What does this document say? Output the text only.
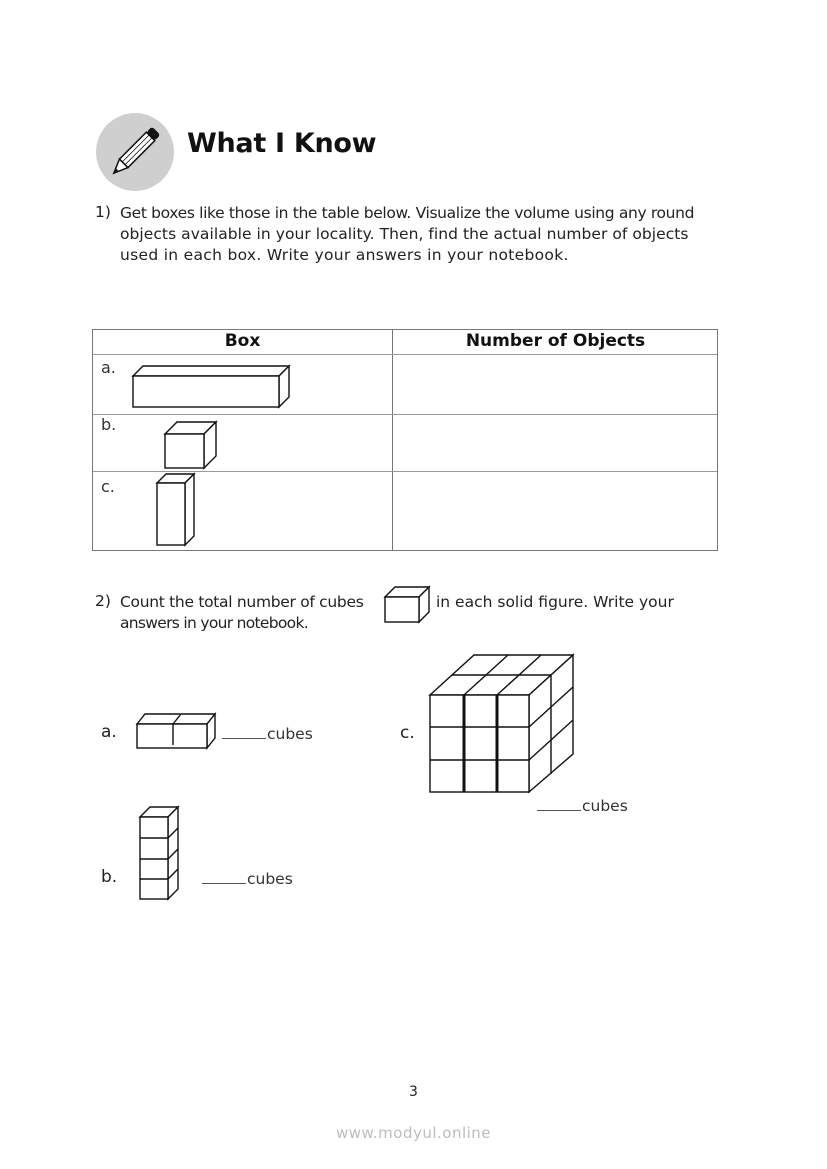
What I Know
1) Get boxes like those in the table below. Visualize the volume using any round
objects available in your locality. Then, find the actual number of objects
used in each box. Write your answers in your notebook.
Box	Number of Objects
a.
b.
c.
2) Count the total number of cubes	in each solid figure. Write your
answers in your notebook.
a.	cubes
b.	cubes
c.
cubes
3
www.modyul.online
